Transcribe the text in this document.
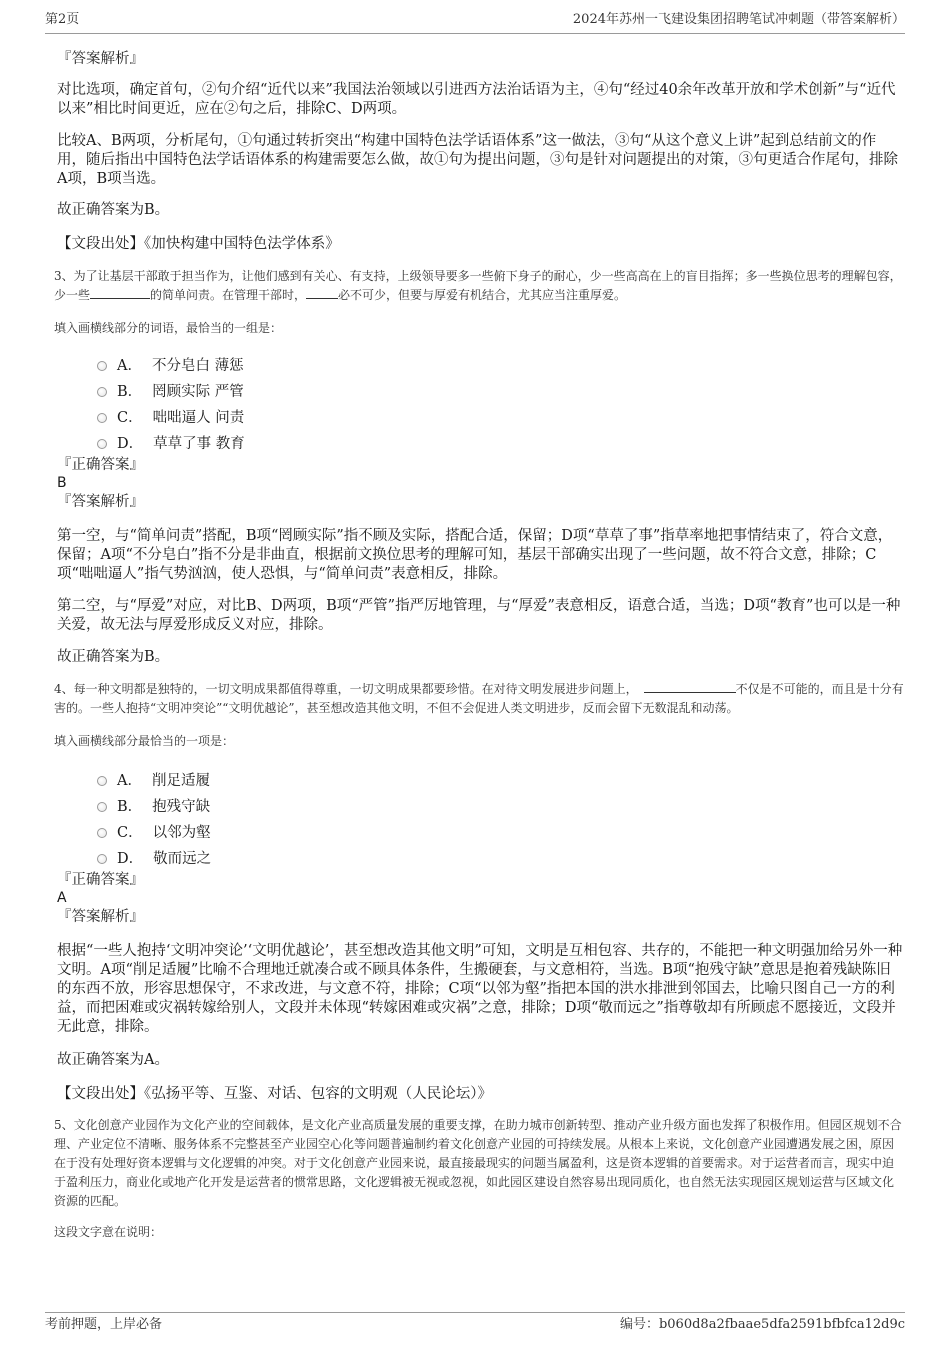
第2页	2024年苏州一飞建设集团招聘笔试冲刺题（带答案解析）
『答案解析』
对比选项，确定首句，②句介绍“近代以来”我国法治领域以引进西方法治话语为主，④句“经过40余年改革开放和学术创新”与“近代以来”相比时间更近，应在②句之后，排除C、D两项。
比较A、B两项，分析尾句，①句通过转折突出“构建中国特色法学话语体系”这一做法，③句“从这个意义上讲”起到总结前文的作用，随后指出中国特色法学话语体系的构建需要怎么做，故①句为提出问题，③句是针对问题提出的对策，③句更适合作尾句，排除A项，B项当选。
故正确答案为B。
【文段出处】《加快构建中国特色法学体系》
3、为了让基层干部敢于担当作为，让他们感到有关心、有支持，上级领导要多一些俯下身子的耐心，少一些高高在上的盲目指挥；多一些换位思考的理解包容，少一些	的简单问责。在管理干部时，	必不可少，但要与厚爱有机结合，尤其应当注重厚爱。
填入画横线部分的词语，最恰当的一组是：
A． 不分皂白 薄惩
B． 罔顾实际 严管
C． 咄咄逼人 问责
D． 草草了事 教育
『正确答案』
B
『答案解析』
第一空，与“简单问责”搭配，B项“罔顾实际”指不顾及实际，搭配合适，保留；D项“草草了事”指草率地把事情结束了，符合文意，保留；A项“不分皂白”指不分是非曲直，根据前文换位思考的理解可知，基层干部确实出现了一些问题，故不符合文意，排除；C项“咄咄逼人”指气势汹汹，使人恐惧，与“简单问责”表意相反，排除。
第二空，与“厚爱”对应，对比B、D两项，B项“严管”指严厉地管理，与“厚爱”表意相反，语意合适，当选；D项“教育”也可以是一种关爱，故无法与厚爱形成反义对应，排除。
故正确答案为B。
4、每一种文明都是独特的，一切文明成果都值得尊重，一切文明成果都要珍惜。在对待文明发展进步问题上，	不仅是不可能的，而且是十分有害的。一些人抱持“文明冲突论”“文明优越论”，甚至想改造其他文明，不但不会促进人类文明进步，反而会留下无数混乱和动荡。
填入画横线部分最恰当的一项是：
A． 削足适履
B． 抱残守缺
C． 以邻为壑
D． 敬而远之
『正确答案』
A
『答案解析』
根据“一些人抱持‘文明冲突论’‘文明优越论’，甚至想改造其他文明”可知，文明是互相包容、共存的，不能把一种文明强加给另外一种文明。A项“削足适履”比喻不合理地迁就凑合或不顾具体条件，生搬硬套，与文意相符，当选。B项“抱残守缺”意思是抱着残缺陈旧的东西不放，形容思想保守，不求改进，与文意不符，排除；C项“以邻为壑”指把本国的洪水排泄到邻国去，比喻只图自己一方的利益，而把困难或灾祸转嫁给别人，文段并未体现“转嫁困难或灾祸”之意，排除；D项“敬而远之”指尊敬却有所顾虑不愿接近，文段并无此意，排除。
故正确答案为A。
【文段出处】《弘扬平等、互鉴、对话、包容的文明观（人民论坛）》
5、文化创意产业园作为文化产业的空间载体，是文化产业高质量发展的重要支撑，在助力城市创新转型、推动产业升级方面也发挥了积极作用。但园区规划不合理、产业定位不清晰、服务体系不完整甚至产业园空心化等问题普遍制约着文化创意产业园的可持续发展。从根本上来说，文化创意产业园遭遇发展之困，原因在于没有处理好资本逻辑与文化逻辑的冲突。对于文化创意产业园来说，最直接最现实的问题当属盈利，这是资本逻辑的首要需求。对于运营者而言，现实中迫于盈利压力，商业化或地产化开发是运营者的惯常思路，文化逻辑被无视或忽视，如此园区建设自然容易出现同质化，也自然无法实现园区规划运营与区域文化资源的匹配。
这段文字意在说明：
考前押题，上岸必备	编号：b060d8a2fbaae5dfa2591bfbfca12d9c
